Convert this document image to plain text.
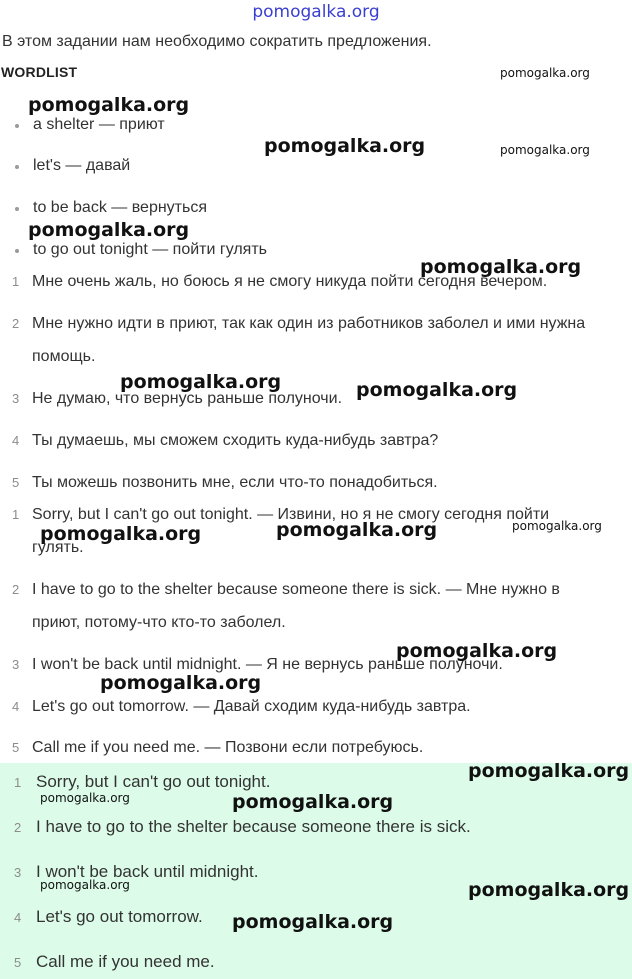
pomogalka.org
В этом задании нам необходимо сократить предложения.
WORDLIST
a shelter — приют
let's — давай
to be back — вернуться
to go out tonight — пойти гулять
1 Мне очень жаль, но боюсь я не смогу никуда пойти сегодня вечером.
2 Мне нужно идти в приют, так как один из работников заболел и ими нужна
помощь.
3 Не думаю, что вернусь раньше полуночи.
4 Ты думаешь, мы сможем сходить куда-нибудь завтра?
5 Ты можешь позвонить мне, если что-то понадобиться.
1 Sorry, but I can't go out tonight. — Извини, но я не смогу сегодня пойти
гулять.
2 I have to go to the shelter because someone there is sick. — Мне нужно в
приют, потому-что кто-то заболел.
3 I won't be back until midnight. — Я не вернусь раньше полуночи.
4 Let's go out tomorrow. — Давай сходим куда-нибудь завтра.
5 Call me if you need me. — Позвони если потребуюсь.
1 Sorry, but I can't go out tonight.
2 I have to go to the shelter because someone there is sick.
3 I won't be back until midnight.
4 Let's go out tomorrow.
5 Call me if you need me.
pomogalka.org
pomogalka.org
pomogalka.org	pomogalka.org
pomogalka.org
pomogalka.org
pomogalka.org	pomogalka.org
pomogalka.org	pomogalka.org	pomogalka.org
pomogalka.org
pomogalka.org
pomogalka.org
pomogalka.org	pomogalka.org
pomogalka.org	pomogalka.org
pomogalka.org
